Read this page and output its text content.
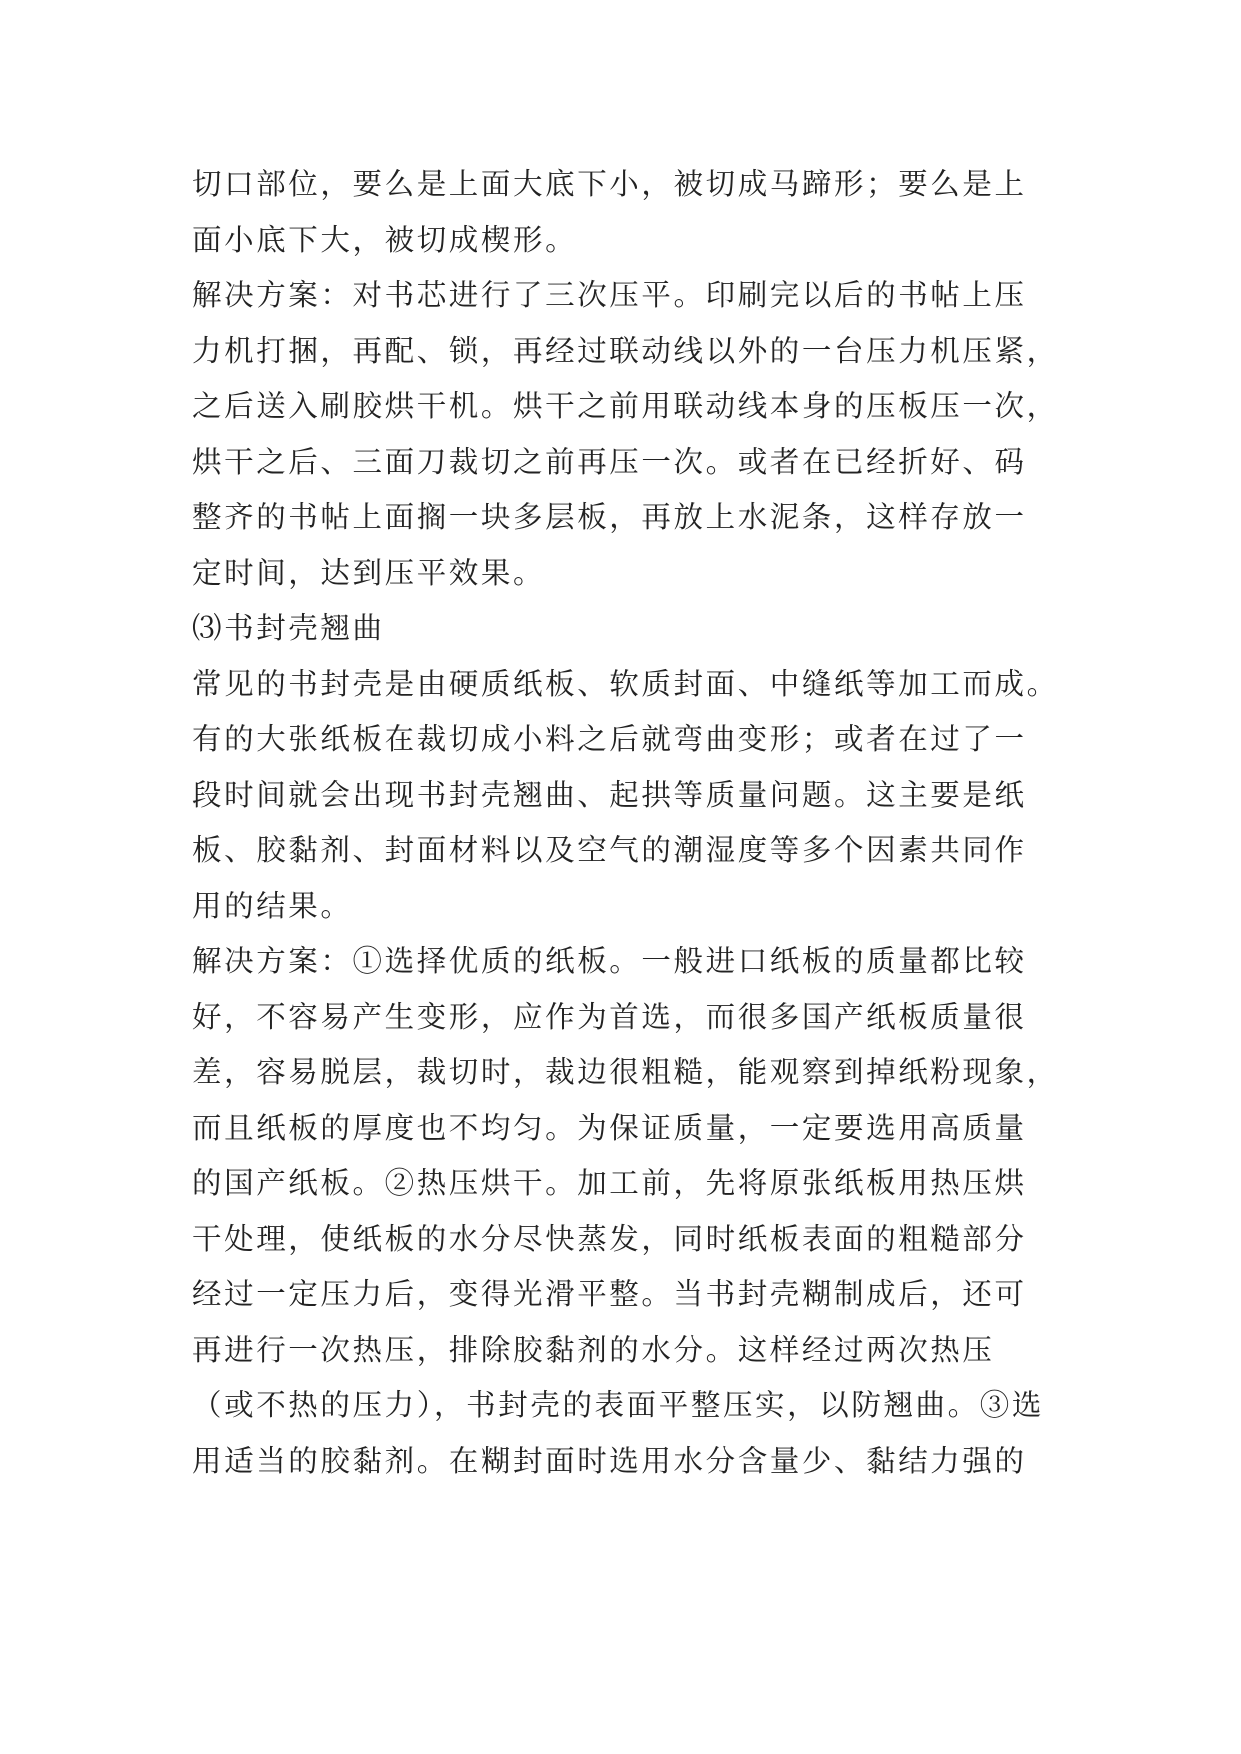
切口部位，要么是上面大底下小，被切成马蹄形；要么是上
面小底下大，被切成楔形。
解决方案：对书芯进行了三次压平。印刷完以后的书帖上压
力机打捆，再配、锁，再经过联动线以外的一台压力机压紧，
之后送入刷胶烘干机。烘干之前用联动线本身的压板压一次，
烘干之后、三面刀裁切之前再压一次。或者在已经折好、码
整齐的书帖上面搁一块多层板，再放上水泥条，这样存放一
定时间，达到压平效果。
⑶书封壳翘曲
常见的书封壳是由硬质纸板、软质封面、中缝纸等加工而成。
有的大张纸板在裁切成小料之后就弯曲变形；或者在过了一
段时间就会出现书封壳翘曲、起拱等质量问题。这主要是纸
板、胶黏剂、封面材料以及空气的潮湿度等多个因素共同作
用的结果。
解决方案：①选择优质的纸板。一般进口纸板的质量都比较
好，不容易产生变形，应作为首选，而很多国产纸板质量很
差，容易脱层，裁切时，裁边很粗糙，能观察到掉纸粉现象，
而且纸板的厚度也不均匀。为保证质量，一定要选用高质量
的国产纸板。②热压烘干。加工前，先将原张纸板用热压烘
干处理，使纸板的水分尽快蒸发，同时纸板表面的粗糙部分
经过一定压力后，变得光滑平整。当书封壳糊制成后，还可
再进行一次热压，排除胶黏剂的水分。这样经过两次热压
（或不热的压力），书封壳的表面平整压实，以防翘曲。③选
用适当的胶黏剂。在糊封面时选用水分含量少、黏结力强的
